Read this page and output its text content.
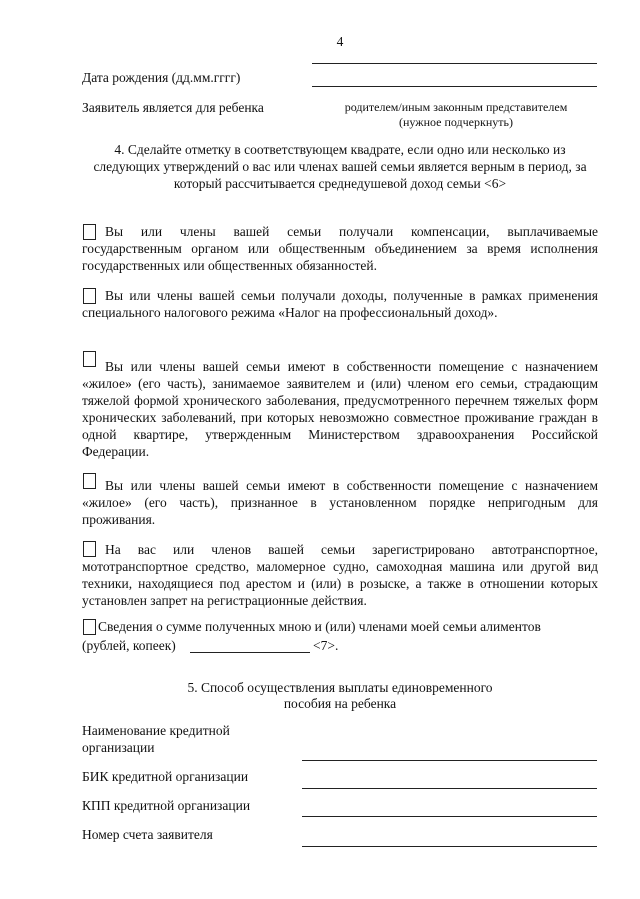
4
Дата рождения (дд.мм.гггг)
Заявитель является для ребенка	родителем/иным законным представителем
(нужное подчеркнуть)
4. Сделайте отметку в соответствующем квадрате, если одно или несколько из следующих утверждений о вас или членах вашей семьи является верным в период, за который рассчитывается среднедушевой доход семьи <6>
Вы или члены вашей семьи получали компенсации, выплачиваемые государственным органом или общественным объединением за время исполнения государственных или общественных обязанностей.
Вы или члены вашей семьи получали доходы, полученные в рамках применения специального налогового режима «Налог на профессиональный доход».
Вы или члены вашей семьи имеют в собственности помещение с назначением «жилое» (его часть), занимаемое заявителем и (или) членом его семьи, страдающим тяжелой формой хронического заболевания, предусмотренного перечнем тяжелых форм хронических заболеваний, при которых невозможно совместное проживание граждан в одной квартире, утвержденным Министерством здравоохранения Российской Федерации.
Вы или члены вашей семьи имеют в собственности помещение с назначением «жилое» (его часть), признанное в установленном порядке непригодным для проживания.
На вас или членов вашей семьи зарегистрировано автотранспортное, мототранспортное средство, маломерное судно, самоходная машина или другой вид техники, находящиеся под арестом и (или) в розыске, а также в отношении которых установлен запрет на регистрационные действия.
Сведения о сумме полученных мною и (или) членами моей семьи алиментов
(рублей, копеек)	<7>.
5. Способ осуществления выплаты единовременного
пособия на ребенка
Наименование кредитной организации
БИК кредитной организации
КПП кредитной организации
Номер счета заявителя
